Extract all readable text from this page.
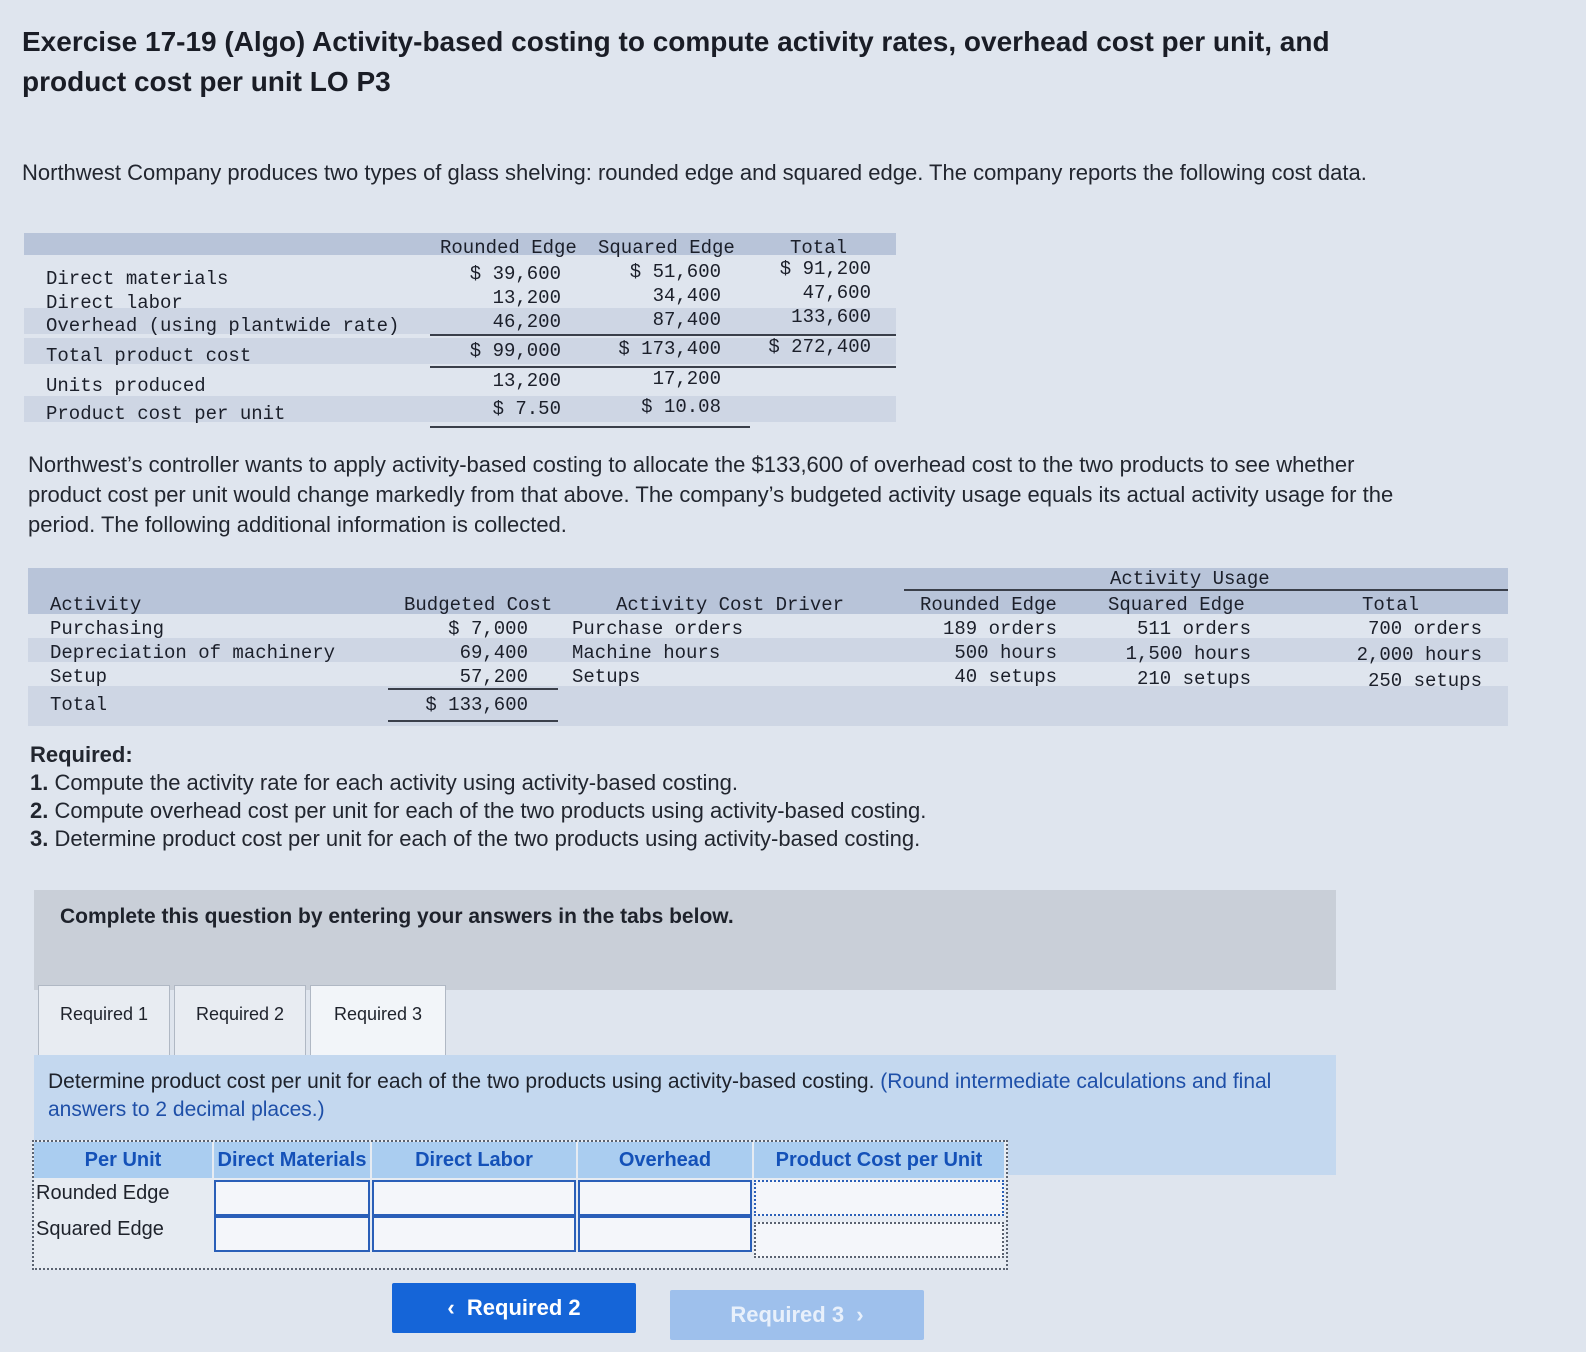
Exercise 17-19 (Algo) Activity-based costing to compute activity rates, overhead cost per unit, and product cost per unit LO P3
Northwest Company produces two types of glass shelving: rounded edge and squared edge. The company reports the following cost data.
Rounded Edge Squared Edge	Total
Direct materials	$ 39,600	$ 51,600	$ 91,200
Direct labor	13,200	34,400	47,600
Overhead (using plantwide rate)	46,200	87,400	133,600
Total product cost	$ 99,000	$ 173,400 $ 272,400
Units produced	13,200	17,200
Product cost per unit	$ 7.50	$ 10.08
Northwest’s controller wants to apply activity-based costing to allocate the $133,600 of overhead cost to the two products to see whether product cost per unit would change markedly from that above. The company’s budgeted activity usage equals its actual activity usage for the period. The following additional information is collected.
Activity Usage
Activity	Budgeted Cost	Activity Cost Driver	Rounded Edge	Squared Edge	Total
Purchasing	$ 7,000 Purchase orders	189 orders	511 orders	700 orders
Depreciation of machinery	69,400 Machine hours	500 hours	1,500 hours	2,000 hours
Setup	57,200 Setups	40 setups	210 setups	250 setups
Total	$ 133,600
Required:
1. Compute the activity rate for each activity using activity-based costing.
2. Compute overhead cost per unit for each of the two products using activity-based costing.
3. Determine product cost per unit for each of the two products using activity-based costing.
Complete this question by entering your answers in the tabs below.
Required 1	Required 2	Required 3
Determine product cost per unit for each of the two products using activity-based costing. (Round intermediate calculations and final answers to 2 decimal places.)
Per Unit	Direct Materials	Direct Labor	Overhead	Product Cost per Unit
Rounded Edge
Squared Edge
‹ Required 2	Required 3 ›
